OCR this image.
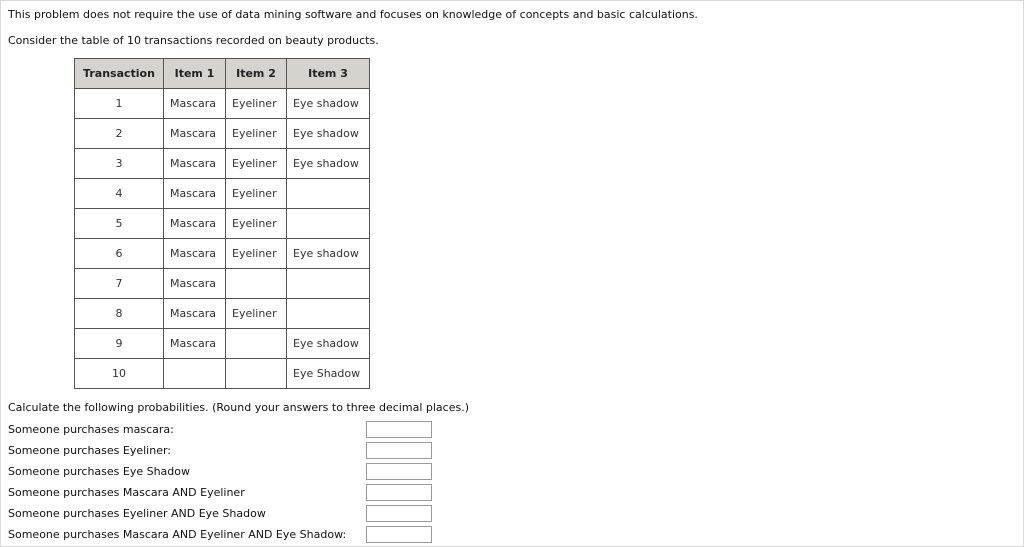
This problem does not require the use of data mining software and focuses on knowledge of concepts and basic calculations.

Consider the table of 10 transactions recorded on beauty products.

Transaction	Item 1	Item 2	Item 3
1	Mascara	Eyeliner	Eye shadow
2	Mascara	Eyeliner	Eye shadow
3	Mascara	Eyeliner	Eye shadow
4	Mascara	Eyeliner	
5	Mascara	Eyeliner	
6	Mascara	Eyeliner	Eye shadow
7	Mascara		
8	Mascara	Eyeliner	
9	Mascara		Eye shadow
10			Eye Shadow

Calculate the following probabilities. (Round your answers to three decimal places.)

Someone purchases mascara:
Someone purchases Eyeliner:
Someone purchases Eye Shadow
Someone purchases Mascara AND Eyeliner
Someone purchases Eyeliner AND Eye Shadow
Someone purchases Mascara AND Eyeliner AND Eye Shadow:
